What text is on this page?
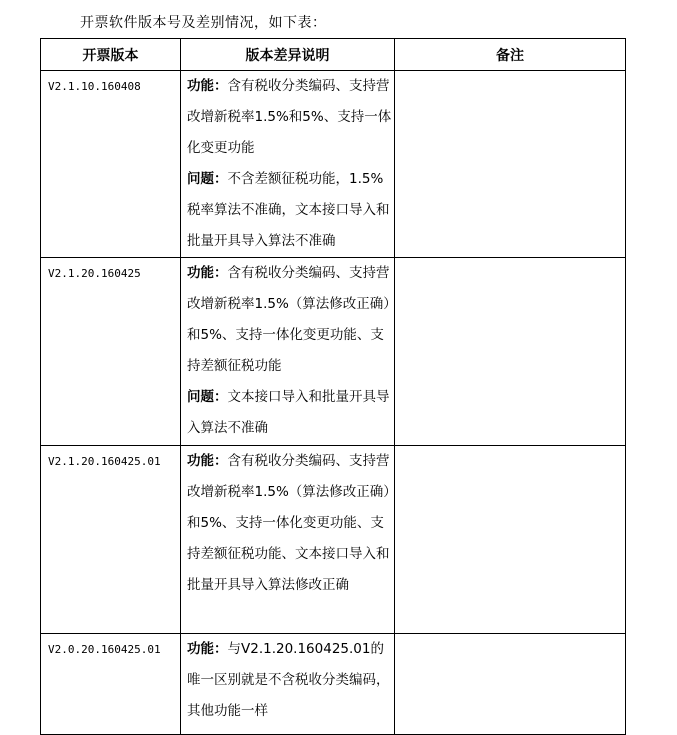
开票软件版本号及差别情况，如下表：
开票版本	版本差异说明	备注

V2.1.10.160408	功能：含有税收分类编码、支持营改增新税率1.5%和5%、支持一体化变更功能

问题：不含差额征税功能，1.5%税率算法不准确，文本接口导入和批量开具导入算法不准确	

V2.1.20.160425	功能：含有税收分类编码、支持营改增新税率1.5%（算法修改正确）和5%、支持一体化变更功能、支持差额征税功能

问题：文本接口导入和批量开具导入算法不准确	

V2.1.20.160425.01	功能：含有税收分类编码、支持营改增新税率1.5%（算法修改正确）和5%、支持一体化变更功能、支持差额征税功能、文本接口导入和批量开具导入算法修改正确	

V2.0.20.160425.01	功能：与V2.1.20.160425.01的唯一区别就是不含税收分类编码，其他功能一样	
